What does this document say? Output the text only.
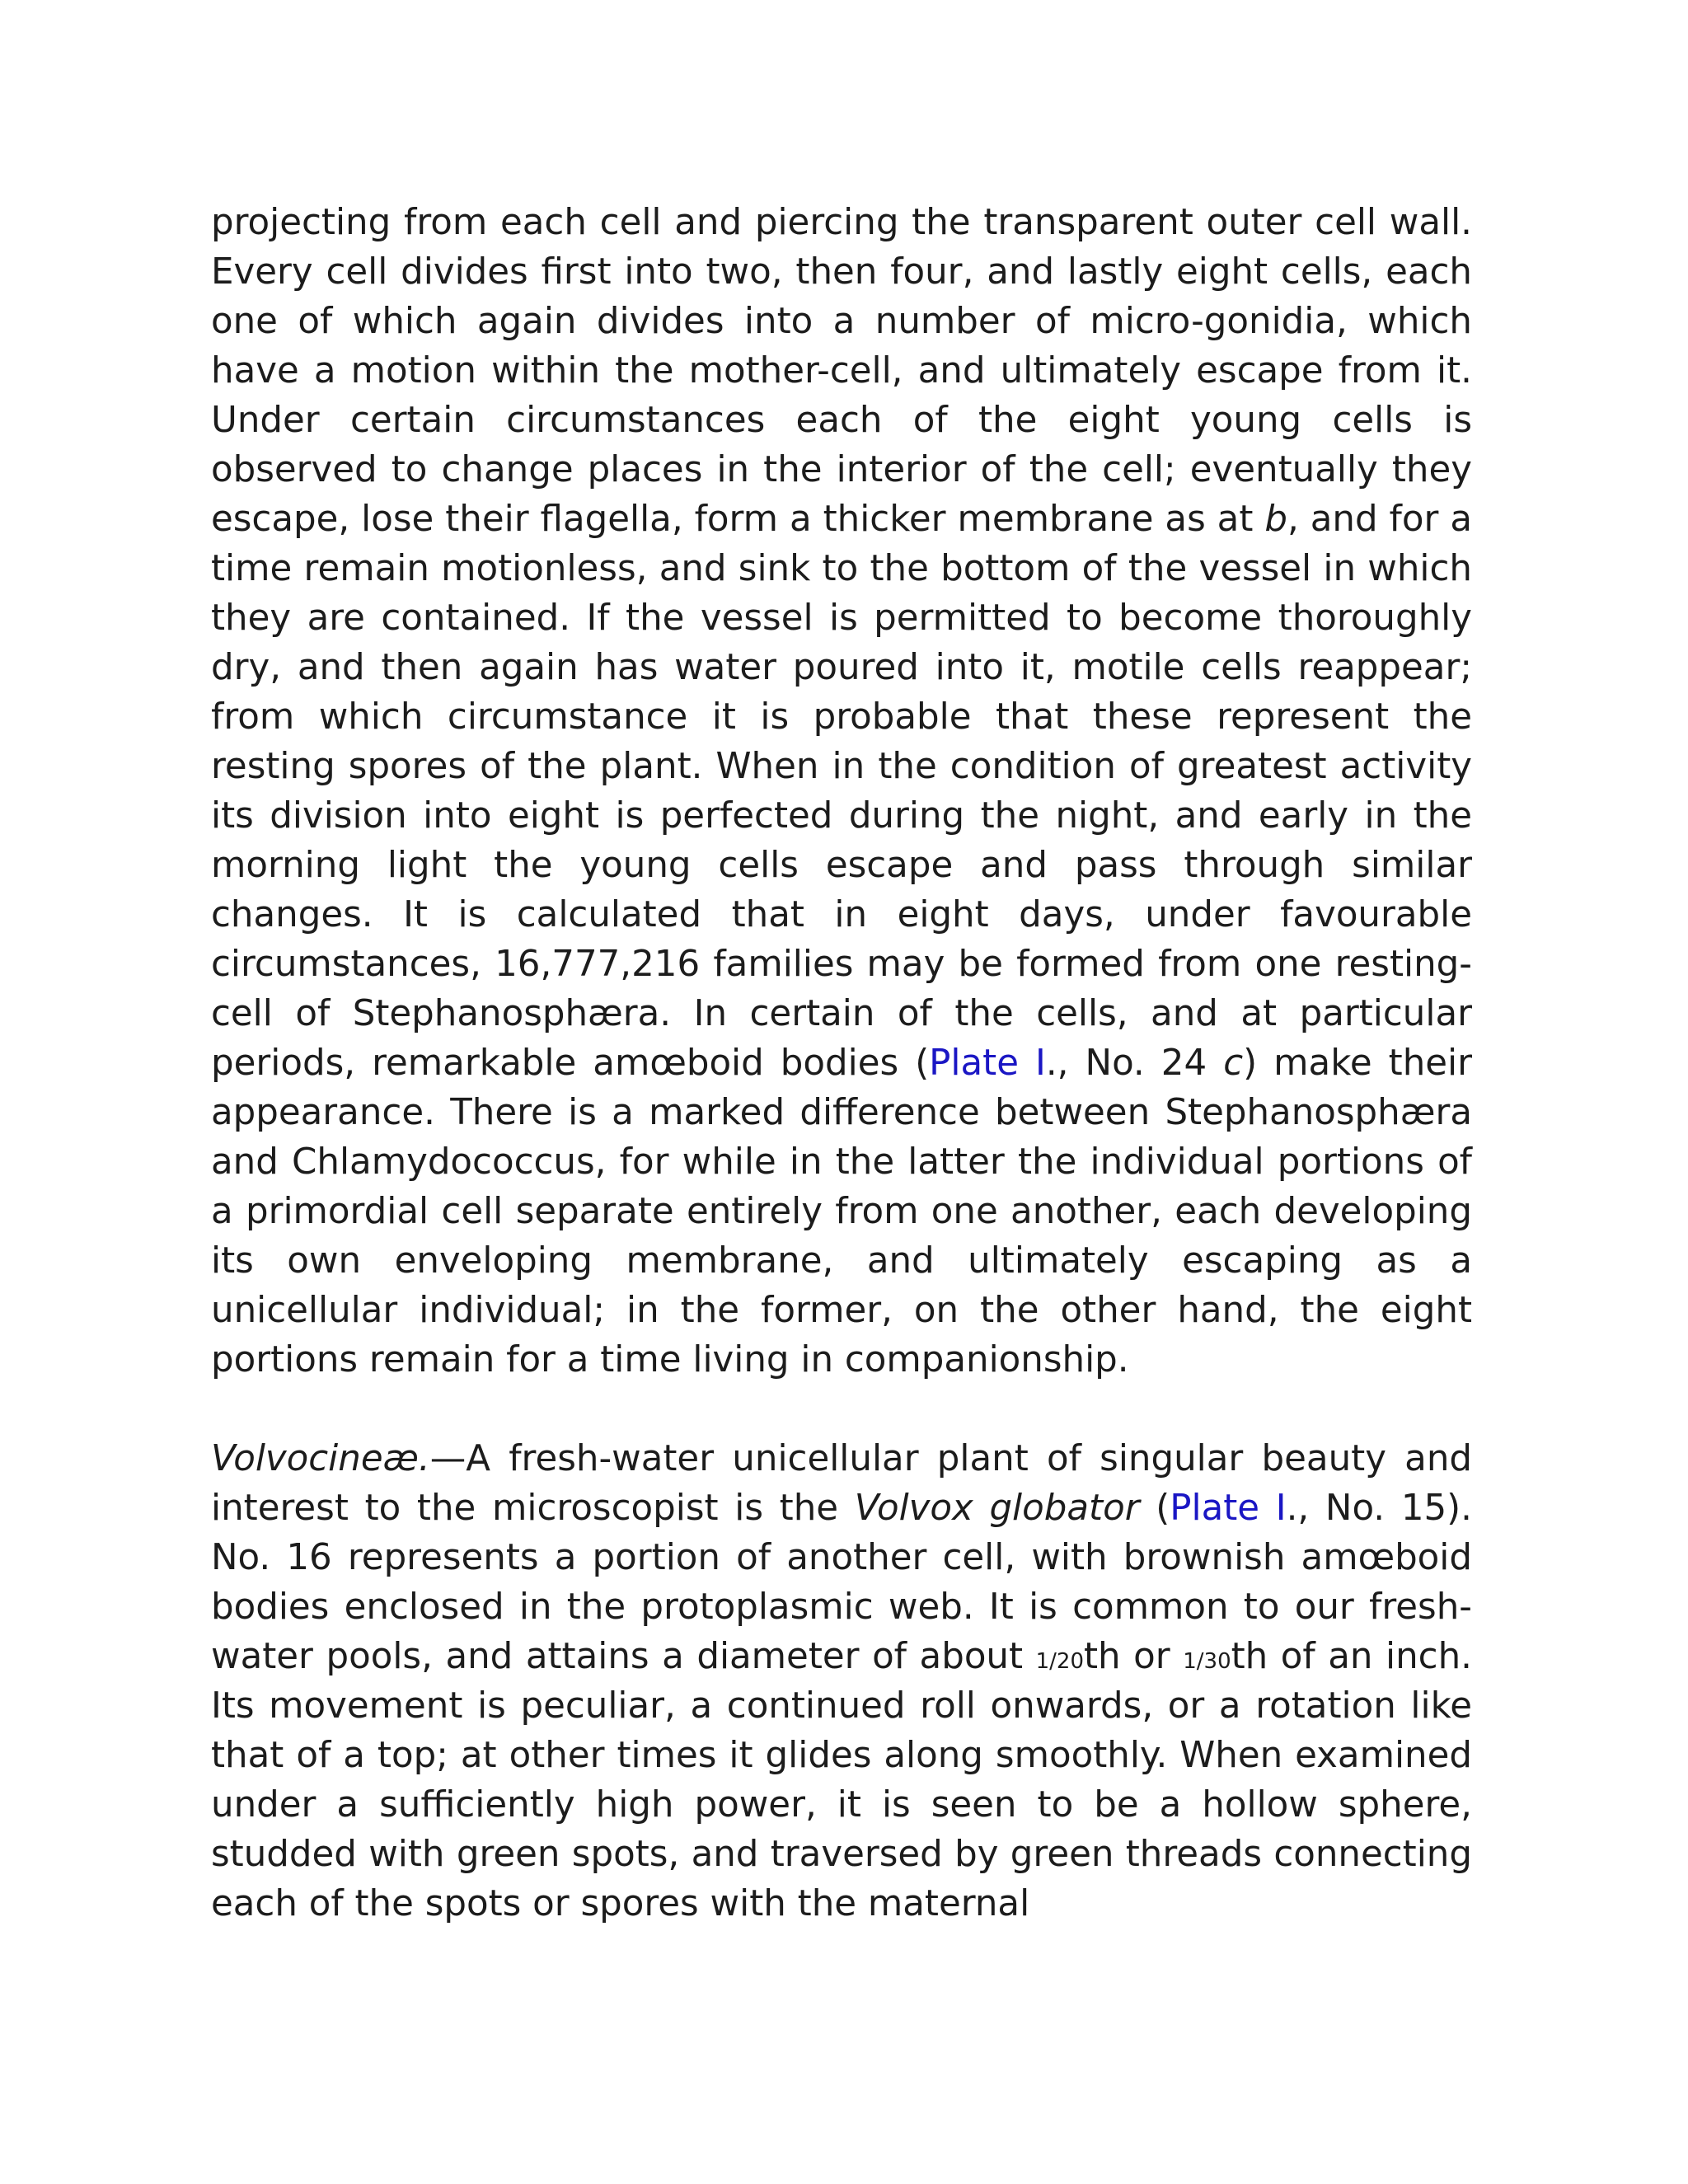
projecting from each cell and piercing the transparent outer cell wall. Every cell divides first into two, then four, and lastly eight cells, each one of which again divides into a number of micro-gonidia, which have a motion within the mother-cell, and ultimately escape from it. Under certain circumstances each of the eight young cells is observed to change places in the interior of the cell; eventually they escape, lose their flagella, form a thicker membrane as at b, and for a time remain motionless, and sink to the bottom of the vessel in which they are contained. If the vessel is permitted to become thoroughly dry, and then again has water poured into it, motile cells reappear; from which circumstance it is probable that these represent the resting spores of the plant. When in the condition of greatest activity its division into eight is perfected during the night, and early in the morning light the young cells escape and pass through similar changes. It is calculated that in eight days, under favourable circumstances, 16,777,216 families may be formed from one resting-cell of Stephanosphæra. In certain of the cells, and at particular periods, remarkable amœboid bodies (Plate I., No. 24 c) make their appearance. There is a marked difference between Stephanosphæra and Chlamydococcus, for while in the latter the individual portions of a primordial cell separate entirely from one another, each developing its own enveloping membrane, and ultimately escaping as a unicellular individual; in the former, on the other hand, the eight portions remain for a time living in companionship.

Volvocineæ.—A fresh-water unicellular plant of singular beauty and interest to the microscopist is the Volvox globator (Plate I., No. 15). No. 16 represents a portion of another cell, with brownish amœboid bodies enclosed in the protoplasmic web. It is common to our fresh-water pools, and attains a diameter of about 1/20th or 1/30th of an inch. Its movement is peculiar, a continued roll onwards, or a rotation like that of a top; at other times it glides along smoothly. When examined under a sufficiently high power, it is seen to be a hollow sphere, studded with green spots, and traversed by green threads connecting each of the spots or spores with the maternal
